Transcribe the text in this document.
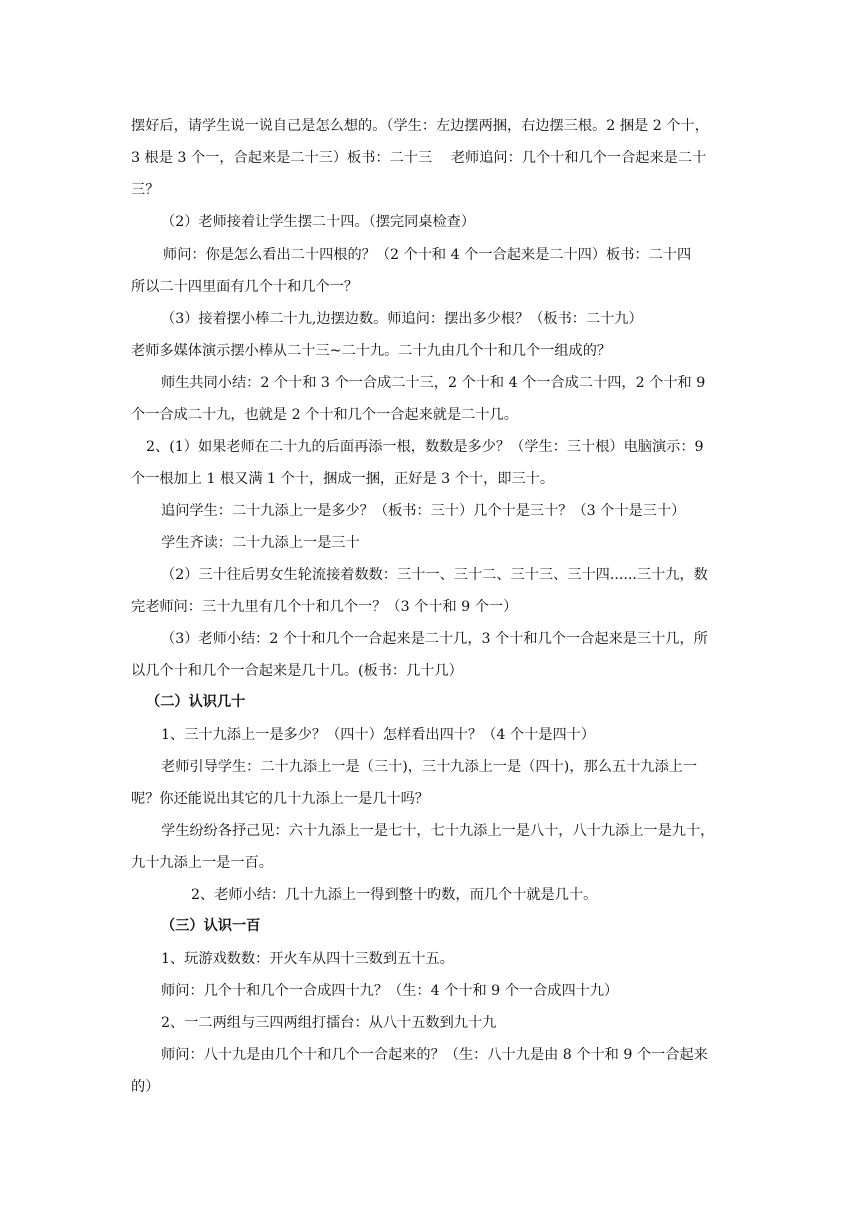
摆好后，请学生说一说自己是怎么想的。（学生：左边摆两捆，右边摆三根。2 捆是 2 个十，
3 根是 3 个一，合起来是二十三）板书：二十三　 老师追问：几个十和几个一合起来是二十
三？
（2）老师接着让学生摆二十四。（摆完同桌检查）
师问：你是怎么看出二十四根的？（2 个十和 4 个一合起来是二十四）板书：二十四
所以二十四里面有几个十和几个一？
（3）接着摆小棒二十九,边摆边数。师追问：摆出多少根？（板书：二十九）
老师多媒体演示摆小棒从二十三~二十九。二十九由几个十和几个一组成的？
师生共同小结：2 个十和 3 个一合成二十三，2 个十和 4 个一合成二十四，2 个十和 9
个一合成二十九，也就是 2 个十和几个一合起来就是二十几。
2、(1）如果老师在二十九的后面再添一根，数数是多少？（学生：三十根）电脑演示：9
个一根加上 1 根又满 1 个十，捆成一捆，正好是 3 个十，即三十。
追问学生：二十九添上一是多少？（板书：三十）几个十是三十？（3 个十是三十）
学生齐读：二十九添上一是三十
（2）三十往后男女生轮流接着数数：三十一、三十二、三十三、三十四......三十九，数
完老师问：三十九里有几个十和几个一？（3 个十和 9 个一）
（3）老师小结：2 个十和几个一合起来是二十几，3 个十和几个一合起来是三十几，所
以几个十和几个一合起来是几十几。(板书：几十几）
（二）认识几十
1、三十九添上一是多少？（四十）怎样看出四十？（4 个十是四十）
老师引导学生：二十九添上一是（三十)，三十九添上一是（四十)，那么五十九添上一
呢？你还能说出其它的几十九添上一是几十吗？
学生纷纷各抒己见：六十九添上一是七十，七十九添上一是八十，八十九添上一是九十，
九十九添上一是一百。
2、老师小结：几十九添上一得到整十旳数，而几个十就是几十。
（三）认识一百
1、玩游戏数数：开火车从四十三数到五十五。
师问：几个十和几个一合成四十九？（生：4 个十和 9 个一合成四十九）
2、一二两组与三四两组打擂台：从八十五数到九十九
师问：八十九是由几个十和几个一合起来的？（生：八十九是由 8 个十和 9 个一合起来
的）
